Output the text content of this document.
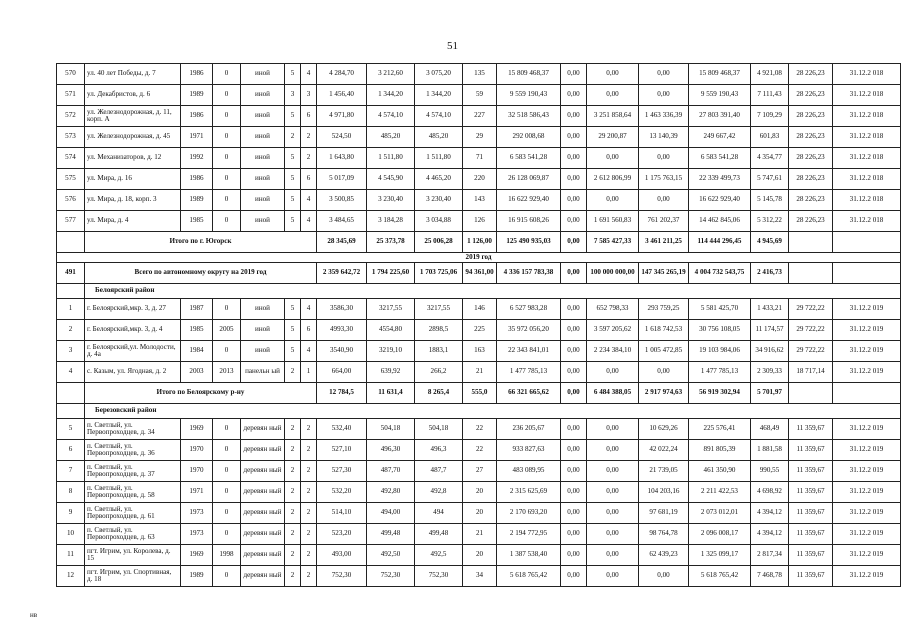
51
570	ул. 40 лет Победы, д. 7	1986	0	иной	5	4	4 284,70	3 212,60	3 075,20	135	15 809 468,37	0,00	0,00	0,00	15 809 468,37	4 921,08	28 226,23	31.12.2 018
571	ул. Декабристов, д. 6	1989	0	иной	3	3	1 456,40	1 344,20	1 344,20	59	9 559 190,43	0,00	0,00	0,00	9 559 190,43	7 111,43	28 226,23	31.12.2 018
572	ул. Железнодорожная, д. 11, корп. А	1986	0	иной	5	6	4 971,80	4 574,10	4 574,10	227	32 518 586,43	0,00	3 251 858,64	1 463 336,39	27 803 391,40	7 109,29	28 226,23	31.12.2 018
573	ул. Железнодорожная, д. 45	1971	0	иной	2	2	524,50	485,20	485,20	29	292 008,68	0,00	29 200,87	13 140,39	249 667,42	601,83	28 226,23	31.12.2 018
574	ул. Механизаторов, д. 12	1992	0	иной	5	2	1 643,80	1 511,80	1 511,80	71	6 583 541,28	0,00	0,00	0,00	6 583 541,28	4 354,77	28 226,23	31.12.2 018
575	ул. Мира, д. 16	1986	0	иной	5	6	5 017,09	4 545,90	4 465,20	220	26 128 069,87	0,00	2 612 806,99	1 175 763,15	22 339 499,73	5 747,61	28 226,23	31.12.2 018
576	ул. Мира, д. 18, корп. 3	1989	0	иной	5	4	3 500,85	3 230,40	3 230,40	143	16 622 929,40	0,00	0,00	0,00	16 622 929,40	5 145,78	28 226,23	31.12.2 018
577	ул. Мира, д. 4	1985	0	иной	5	4	3 484,65	3 184,28	3 034,88	126	16 915 608,26	0,00	1 691 560,83	761 202,37	14 462 845,06	5 312,22	28 226,23	31.12.2 018
	Итого по г. Югорск						28 345,69	25 373,78	25 006,28	1 126,00	125 490 935,03	0,00	7 585 427,33	3 461 211,25	114 444 296,45	4 945,69		
2019 год																		
491	Всего по автономному округу на 2019 год						2 359 642,72	1 794 225,60	1 703 725,06	94 361,00	4 336 157 783,38	0,00	100 000 000,00	147 345 265,19	4 004 732 543,75	2 416,73		
	Белоярский район																	
1	г. Белоярский,мкр. 3, д. 27	1987	0	иной	5	4	3586,30	3217,55	3217,55	146	6 527 983,28	0,00	652 798,33	293 759,25	5 581 425,70	1 433,21	29 722,22	31.12.2 019
2	г. Белоярский,мкр. 3, д. 4	1985	2005	иной	5	6	4993,30	4554,80	2898,5	225	35 972 056,20	0,00	3 597 205,62	1 618 742,53	30 756 108,05	11 174,57	29 722,22	31.12.2 019
3	г. Белоярский,ул. Молодости, д. 4а	1984	0	иной	5	4	3540,90	3219,10	1883,1	163	22 343 841,01	0,00	2 234 384,10	1 005 472,85	19 103 984,06	34 916,62	29 722,22	31.12.2 019
4	с. Казым, ул. Ягодная, д. 2	2003	2013	панельн ый	2	1	664,00	639,92	266,2	21	1 477 785,13	0,00	0,00	0,00	1 477 785,13	2 309,33	18 717,14	31.12.2 019
	Итого по Белоярскому р-ну						12 784,5	11 631,4	8 265,4	555,0	66 321 665,62	0,00	6 484 388,05	2 917 974,63	56 919 302,94	5 701,97		
	Березовский район																	
5	п. Светлый, ул. Первопроходцев, д. 34	1969	0	деревян ный	2	2	532,40	504,18	504,18	22	236 205,67	0,00	0,00	10 629,26	225 576,41	468,49	11 359,67	31.12.2 019
6	п. Светлый, ул. Первопроходцев, д. 36	1970	0	деревян ный	2	2	527,10	496,30	496,3	22	933 827,63	0,00	0,00	42 022,24	891 805,39	1 881,58	11 359,67	31.12.2 019
7	п. Светлый, ул. Первопроходцев, д. 37	1970	0	деревян ный	2	2	527,30	487,70	487,7	27	483 089,95	0,00	0,00	21 739,05	461 350,90	990,55	11 359,67	31.12.2 019
8	п. Светлый, ул. Первопроходцев, д. 58	1971	0	деревян ный	2	2	532,20	492,80	492,8	20	2 315 625,69	0,00	0,00	104 203,16	2 211 422,53	4 698,92	11 359,67	31.12.2 019
9	п. Светлый, ул. Первопроходцев, д. 61	1973	0	деревян ный	2	2	514,10	494,00	494	20	2 170 693,20	0,00	0,00	97 681,19	2 073 012,01	4 394,12	11 359,67	31.12.2 019
10	п. Светлый, ул. Первопроходцев, д. 63	1973	0	деревян ный	2	2	523,20	499,48	499,48	21	2 194 772,95	0,00	0,00	98 764,78	2 096 008,17	4 394,12	11 359,67	31.12.2 019
11	пгт. Игрим, ул. Королева, д. 15	1969	1998	деревян ный	2	2	493,00	492,50	492,5	20	1 387 538,40	0,00	0,00	62 439,23	1 325 099,17	2 817,34	11 359,67	31.12.2 019
12	пгт. Игрим, ул. Спортивная, д. 18	1989	0	деревян ный	2	2	752,30	752,30	752,30	34	5 618 765,42	0,00	0,00	0,00	5 618 765,42	7 468,78	11 359,67	31.12.2 019
нв
